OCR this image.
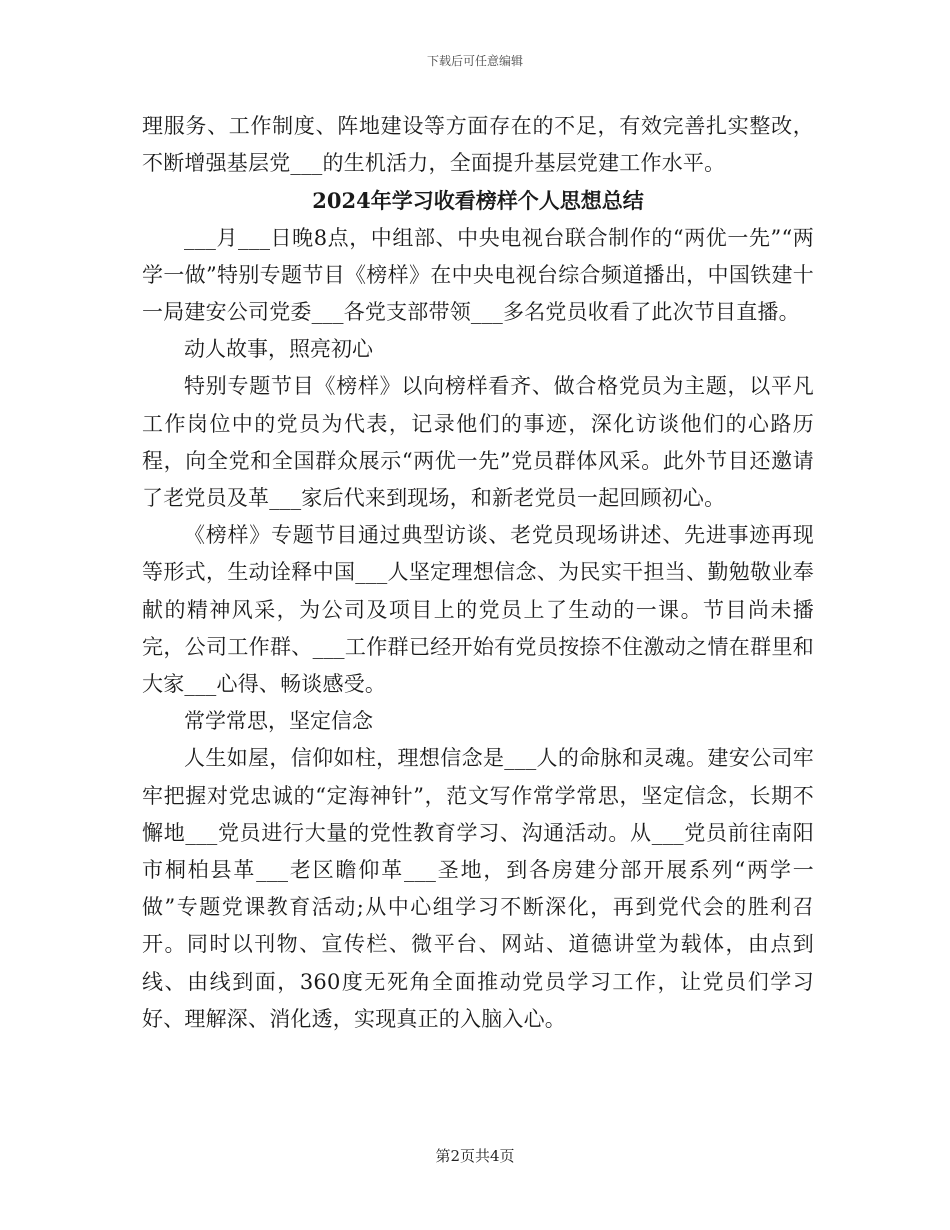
下载后可任意编辑

理服务、工作制度、阵地建设等方面存在的不足，有效完善扎实整改，不断增强基层党___的生机活力，全面提升基层党建工作水平。

2024年学习收看榜样个人思想总结

___月___日晚8点，中组部、中央电视台联合制作的“两优一先”“两学一做”特别专题节目《榜样》在中央电视台综合频道播出，中国铁建十一局建安公司党委___各党支部带领___多名党员收看了此次节目直播。

动人故事，照亮初心

特别专题节目《榜样》以向榜样看齐、做合格党员为主题，以平凡工作岗位中的党员为代表，记录他们的事迹，深化访谈他们的心路历程，向全党和全国群众展示“两优一先”党员群体风采。此外节目还邀请了老党员及革___家后代来到现场，和新老党员一起回顾初心。

《榜样》专题节目通过典型访谈、老党员现场讲述、先进事迹再现等形式，生动诠释中国___人坚定理想信念、为民实干担当、勤勉敬业奉献的精神风采，为公司及项目上的党员上了生动的一课。节目尚未播完，公司工作群、___工作群已经开始有党员按捺不住激动之情在群里和大家___心得、畅谈感受。

常学常思，坚定信念

人生如屋，信仰如柱，理想信念是___人的命脉和灵魂。建安公司牢牢把握对党忠诚的“定海神针”，范文写作常学常思，坚定信念，长期不懈地___党员进行大量的党性教育学习、沟通活动。从___党员前往南阳市桐柏县革___老区瞻仰革___圣地，到各房建分部开展系列“两学一做”专题党课教育活动;从中心组学习不断深化，再到党代会的胜利召开。同时以刊物、宣传栏、微平台、网站、道德讲堂为载体，由点到线、由线到面，360度无死角全面推动党员学习工作，让党员们学习好、理解深、消化透，实现真正的入脑入心。

第2页共4页
